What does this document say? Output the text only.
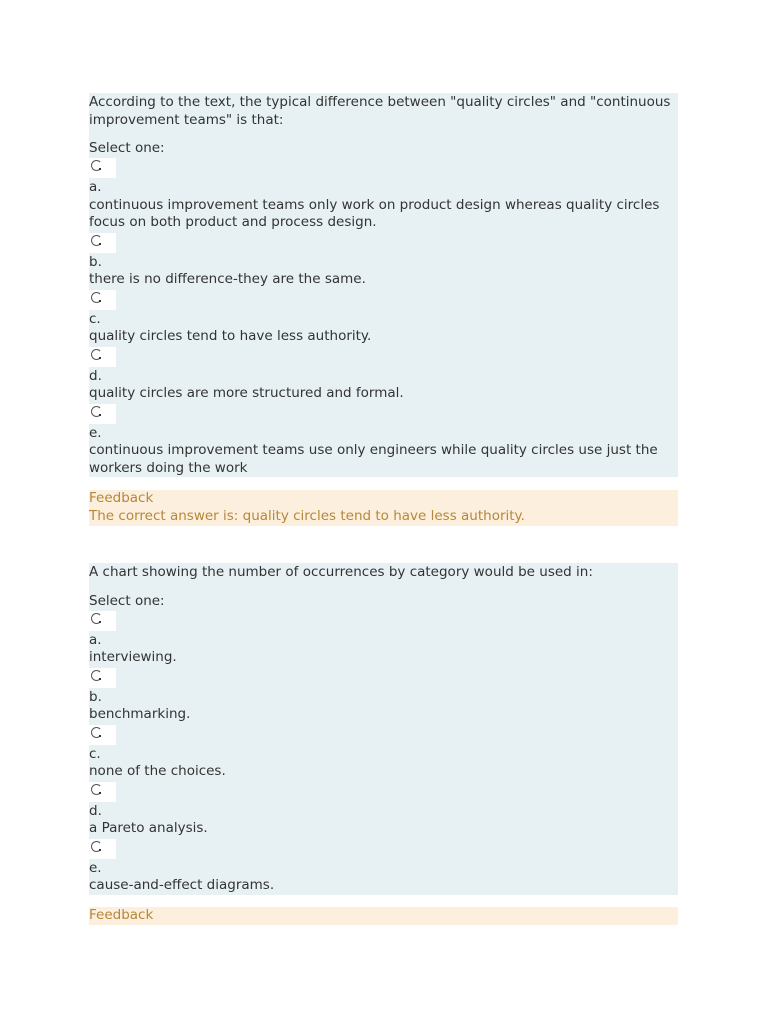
According to the text, the typical difference between "quality circles" and "continuous improvement teams" is that:
Select one:
a.
continuous improvement teams only work on product design whereas quality circles focus on both product and process design.
b.
there is no difference-they are the same.
c.
quality circles tend to have less authority.
d.
quality circles are more structured and formal.
e.
continuous improvement teams use only engineers while quality circles use just the workers doing the work
Feedback
The correct answer is: quality circles tend to have less authority.
A chart showing the number of occurrences by category would be used in:
Select one:
a.
interviewing.
b.
benchmarking.
c.
none of the choices.
d.
a Pareto analysis.
e.
cause-and-effect diagrams.
Feedback
